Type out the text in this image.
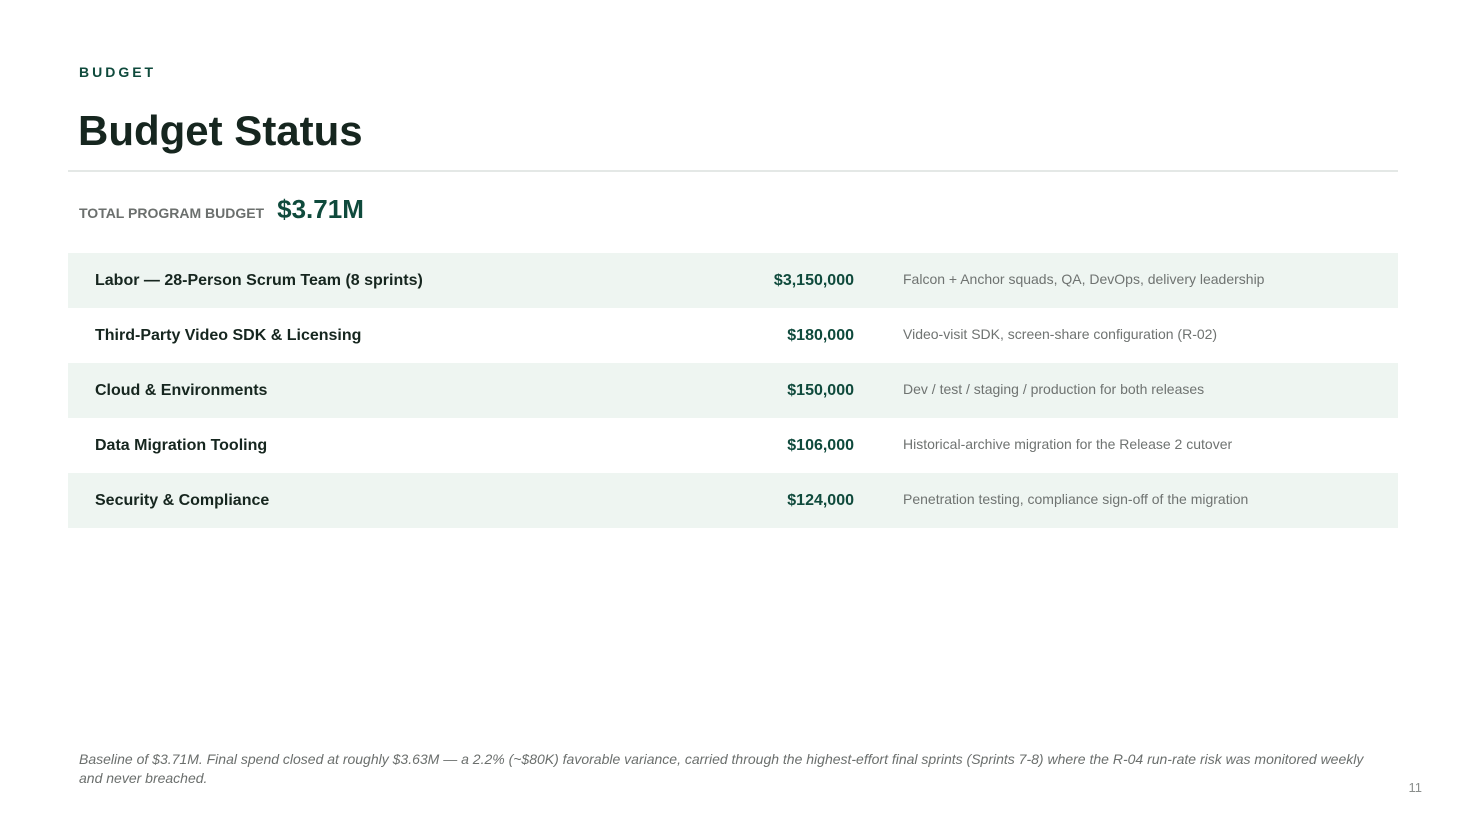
BUDGET
Budget Status
TOTAL PROGRAM BUDGET $3.71M
Labor — 28-Person Scrum Team (8 sprints)	$3,150,000	Falcon + Anchor squads, QA, DevOps, delivery leadership
Third-Party Video SDK & Licensing	$180,000	Video-visit SDK, screen-share configuration (R-02)
Cloud & Environments	$150,000	Dev / test / staging / production for both releases
Data Migration Tooling	$106,000	Historical-archive migration for the Release 2 cutover
Security & Compliance	$124,000	Penetration testing, compliance sign-off of the migration

Baseline of $3.71M. Final spend closed at roughly $3.63M — a 2.2% (~$80K) favorable variance, carried through the highest-effort final sprints (Sprints 7-8) where the R-04 run-rate risk was monitored weekly and never breached.

11
